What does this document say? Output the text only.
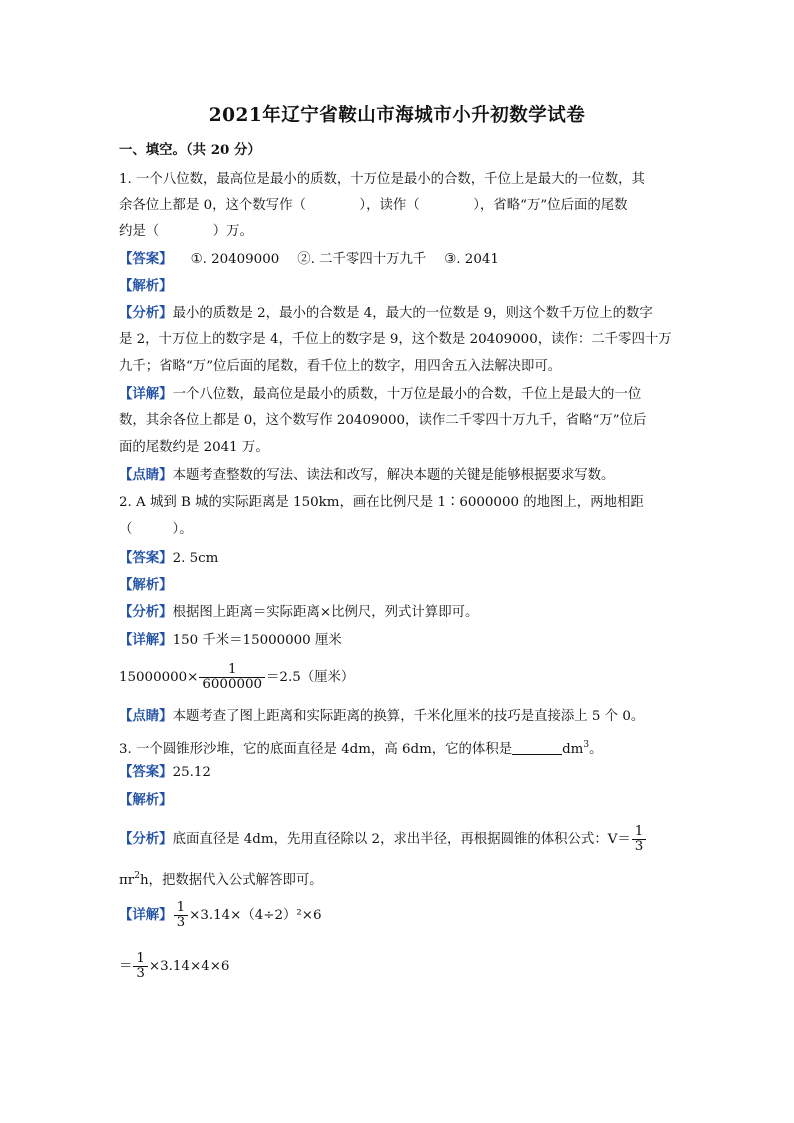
2021年辽宁省鞍山市海城市小升初数学试卷
一、填空。（共 20 分）
1. 一个八位数，最高位是最小的质数，十万位是最小的合数，千位上是最大的一位数，其
余各位上都是 0，这个数写作（　　　　），读作（　　　　），省略“万”位后面的尾数
约是（　　　　）万。
【答案】 ①. 20409000 ②. 二千零四十万九千 ③. 2041
【解析】
【分析】最小的质数是 2，最小的合数是 4，最大的一位数是 9，则这个数千万位上的数字
是 2，十万位上的数字是 4，千位上的数字是 9，这个数是 20409000，读作：二千零四十万
九千；省略“万”位后面的尾数，看千位上的数字，用四舍五入法解决即可。
【详解】一个八位数，最高位是最小的质数，十万位是最小的合数，千位上是最大的一位
数，其余各位上都是 0，这个数写作 20409000，读作二千零四十万九千，省略“万”位后
面的尾数约是 2041 万。
【点睛】本题考查整数的写法、读法和改写，解决本题的关键是能够根据要求写数。
2. A 城到 B 城的实际距离是 150km，画在比例尺是 1∶6000000 的地图上，两地相距
（　　　）。
【答案】2. 5cm
【解析】
【分析】根据图上距离＝实际距离×比例尺，列式计算即可。
【详解】150 千米＝15000000 厘米
$15000000\times \frac{1}{6000000} =2.5$（厘米）
【点睛】本题考查了图上距离和实际距离的换算，千米化厘米的技巧是直接添上 5 个 0。
3. 一个圆锥形沙堆，它的底面直径是 4dm，高 6dm，它的体积是	$dm^3$。
【答案】25.12
【解析】
【分析】底面直径是 4dm，先用直径除以 2，求出半径，再根据圆锥的体积公式：$V= \frac{1}{3}$
$\pi r^2h$，把数据代入公式解答即可。
【详解】 $\frac{1}{3} \times 3.14\times(4\div 2)^2\times 6$
＝ $\frac{1}{3} \times 3.14\times 4\times 6$
